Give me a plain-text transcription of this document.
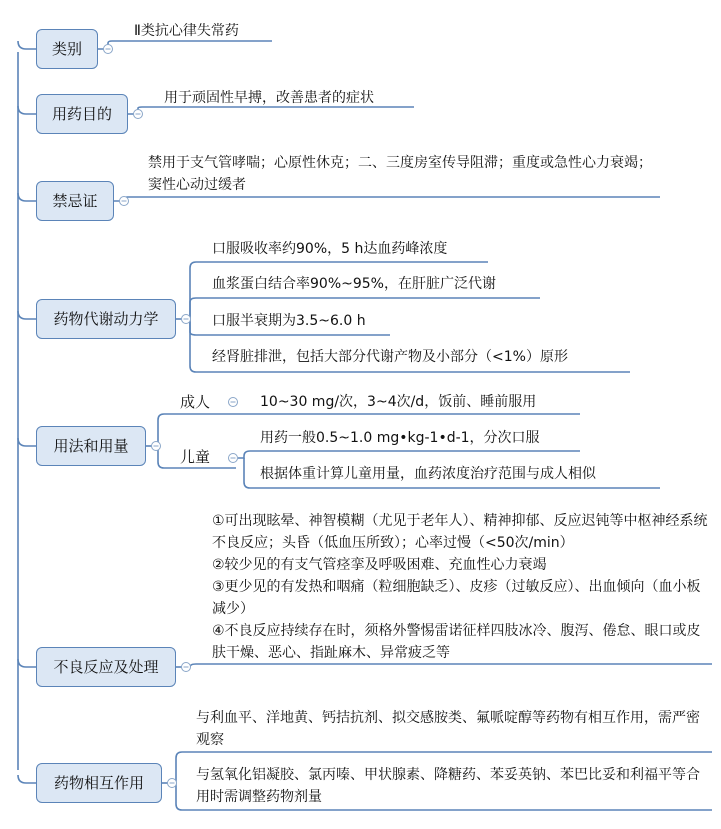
类别
用药目的
禁忌证
药物代谢动力学
用法和用量
不良反应及处理
药物相互作用
Ⅱ类抗心律失常药
用于顽固性早搏，改善患者的症状
禁用于支气管哮喘；心原性休克；二、三度房室传导阻滞；重度或急性心力衰竭；窦性心动过缓者
口服吸收率约90%，5 h达血药峰浓度
血浆蛋白结合率90%~95%，在肝脏广泛代谢
口服半衰期为3.5~6.0 h
经肾脏排泄，包括大部分代谢产物及小部分（<1%）原形
成人	10~30 mg/次，3~4次/d，饭前、睡前服用
儿童
用药一般0.5~1.0 mg•kg-1•d-1，分次口服
根据体重计算儿童用量，血药浓度治疗范围与成人相似
①可出现眩晕、神智模糊（尤见于老年人）、精神抑郁、反应迟钝等中枢神经系统不良反应；头昏（低血压所致）；心率过慢（<50次/min）
②较少见的有支气管痉挛及呼吸困难、充血性心力衰竭
③更少见的有发热和咽痛（粒细胞缺乏）、皮疹（过敏反应）、出血倾向（血小板减少）
④不良反应持续存在时，须格外警惕雷诺征样四肢冰冷、腹泻、倦怠、眼口或皮肤干燥、恶心、指趾麻木、异常疲乏等
与利血平、洋地黄、钙拮抗剂、拟交感胺类、氟哌啶醇等药物有相互作用，需严密观察
与氢氧化铝凝胶、氯丙嗪、甲状腺素、降糖药、苯妥英钠、苯巴比妥和利福平等合用时需调整药物剂量
